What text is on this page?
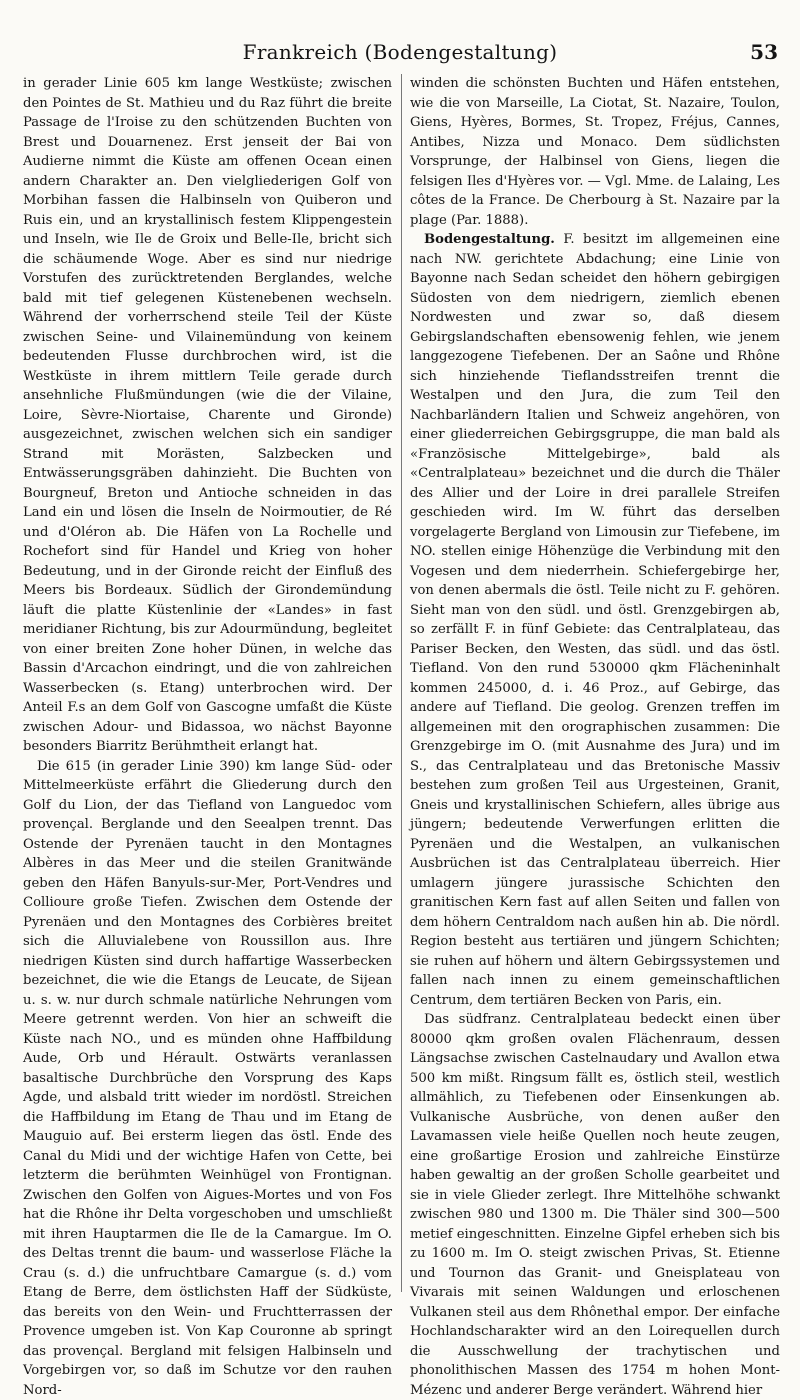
Frankreich (Bodengestaltung)	53

in gerader Linie 605 km lange Westküste; zwischen den Pointes de St. Mathieu und du Raz führt die breite Passage de l'Iroise zu den schützenden Buchten von Brest und Douarnenez. Erst jenseit der Bai von Audierne nimmt die Küste am offenen Ocean einen andern Charakter an. Den vielgliederigen Golf von Morbihan fassen die Halbinseln von Quiberon und Ruis ein, und an krystallinisch festem Klippengestein und Inseln, wie Ile de Groix und Belle-Ile, bricht sich die schäumende Woge. Aber es sind nur niedrige Vorstufen des zurücktretenden Berglandes, welche bald mit tief gelegenen Küstenebenen wechseln. Während der vorherrschend steile Teil der Küste zwischen Seine- und Vilainemündung von keinem bedeutenden Flusse durchbrochen wird, ist die Westküste in ihrem mittlern Teile gerade durch ansehnliche Flußmündungen (wie die der Vilaine, Loire, Sèvre-Niortaise, Charente und Gironde) ausgezeichnet, zwischen welchen sich ein sandiger Strand mit Morästen, Salzbecken und Entwässerungsgräben dahinzieht. Die Buchten von Bourgneuf, Breton und Antioche schneiden in das Land ein und lösen die Inseln de Noirmoutier, de Ré und d'Oléron ab. Die Häfen von La Rochelle und Rochefort sind für Handel und Krieg von hoher Bedeutung, und in der Gironde reicht der Einfluß des Meers bis Bordeaux. Südlich der Girondemündung läuft die platte Küstenlinie der «Landes» in fast meridianer Richtung, bis zur Adourmündung, begleitet von einer breiten Zone hoher Dünen, in welche das Bassin d'Arcachon eindringt, und die von zahlreichen Wasserbecken (s. Etang) unterbrochen wird. Der Anteil F.s an dem Golf von Gascogne umfaßt die Küste zwischen Adour- und Bidassoa, wo nächst Bayonne besonders Biarritz Berühmtheit erlangt hat.

Die 615 (in gerader Linie 390) km lange Süd- oder Mittelmeerküste erfährt die Gliederung durch den Golf du Lion, der das Tiefland von Languedoc vom provençal. Berglande und den Seealpen trennt. Das Ostende der Pyrenäen taucht in den Montagnes Albères in das Meer und die steilen Granitwände geben den Häfen Banyuls-sur-Mer, Port-Vendres und Collioure große Tiefen. Zwischen dem Ostende der Pyrenäen und den Montagnes des Corbières breitet sich die Alluvialebene von Roussillon aus. Ihre niedrigen Küsten sind durch haffartige Wasserbecken bezeichnet, die wie die Etangs de Leucate, de Sijean u. s. w. nur durch schmale natürliche Nehrungen vom Meere getrennt werden. Von hier an schweift die Küste nach NO., und es münden ohne Haffbildung Aude, Orb und Hérault. Ostwärts veranlassen basaltische Durchbrüche den Vorsprung des Kaps Agde, und alsbald tritt wieder im nordöstl. Streichen die Haffbildung im Etang de Thau und im Etang de Mauguio auf. Bei ersterm liegen das östl. Ende des Canal du Midi und der wichtige Hafen von Cette, bei letzterm die berühmten Weinhügel von Frontignan. Zwischen den Golfen von Aigues-Mortes und von Fos hat die Rhône ihr Delta vorgeschoben und umschließt mit ihren Hauptarmen die Ile de la Camargue. Im O. des Deltas trennt die baum- und wasserlose Fläche la Crau (s. d.) die unfruchtbare Camargue (s. d.) vom Etang de Berre, dem östlichsten Haff der Südküste, das bereits von den Wein- und Fruchtterrassen der Provence umgeben ist. Von Kap Couronne ab springt das provençal. Bergland mit felsigen Halbinseln und Vorgebirgen vor, so daß im Schutze vor den rauhen Nord-

winden die schönsten Buchten und Häfen entstehen, wie die von Marseille, La Ciotat, St. Nazaire, Toulon, Giens, Hyères, Bormes, St. Tropez, Fréjus, Cannes, Antibes, Nizza und Monaco. Dem südlichsten Vorsprunge, der Halbinsel von Giens, liegen die felsigen Iles d'Hyères vor. — Vgl. Mme. de Lalaing, Les côtes de la France. De Cherbourg à St. Nazaire par la plage (Par. 1888).

Bodengestaltung. F. besitzt im allgemeinen eine nach NW. gerichtete Abdachung; eine Linie von Bayonne nach Sedan scheidet den höhern gebirgigen Südosten von dem niedrigern, ziemlich ebenen Nordwesten und zwar so, daß diesem Gebirgslandschaften ebensowenig fehlen, wie jenem langgezogene Tiefebenen. Der an Saône und Rhône sich hinziehende Tieflandsstreifen trennt die Westalpen und den Jura, die zum Teil den Nachbarländern Italien und Schweiz angehören, von einer gliederreichen Gebirgsgruppe, die man bald als «Französische Mittelgebirge», bald als «Centralplateau» bezeichnet und die durch die Thäler des Allier und der Loire in drei parallele Streifen geschieden wird. Im W. führt das derselben vorgelagerte Bergland von Limousin zur Tiefebene, im NO. stellen einige Höhenzüge die Verbindung mit den Vogesen und dem niederrhein. Schiefergebirge her, von denen abermals die östl. Teile nicht zu F. gehören. Sieht man von den südl. und östl. Grenzgebirgen ab, so zerfällt F. in fünf Gebiete: das Centralplateau, das Pariser Becken, den Westen, das südl. und das östl. Tiefland. Von den rund 530000 qkm Flächeninhalt kommen 245000, d. i. 46 Proz., auf Gebirge, das andere auf Tiefland. Die geolog. Grenzen treffen im allgemeinen mit den orographischen zusammen: Die Grenzgebirge im O. (mit Ausnahme des Jura) und im S., das Centralplateau und das Bretonische Massiv bestehen zum großen Teil aus Urgesteinen, Granit, Gneis und krystallinischen Schiefern, alles übrige aus jüngern; bedeutende Verwerfungen erlitten die Pyrenäen und die Westalpen, an vulkanischen Ausbrüchen ist das Centralplateau überreich. Hier umlagern jüngere jurassische Schichten den granitischen Kern fast auf allen Seiten und fallen von dem höhern Centraldom nach außen hin ab. Die nördl. Region besteht aus tertiären und jüngern Schichten; sie ruhen auf höhern und ältern Gebirgssystemen und fallen nach innen zu einem gemeinschaftlichen Centrum, dem tertiären Becken von Paris, ein.

Das südfranz. Centralplateau bedeckt einen über 80000 qkm großen ovalen Flächenraum, dessen Längsachse zwischen Castelnaudary und Avallon etwa 500 km mißt. Ringsum fällt es, östlich steil, westlich allmählich, zu Tiefebenen oder Einsenkungen ab. Vulkanische Ausbrüche, von denen außer den Lavamassen viele heiße Quellen noch heute zeugen, eine großartige Erosion und zahlreiche Einstürze haben gewaltig an der großen Scholle gearbeitet und sie in viele Glieder zerlegt. Ihre Mittelhöhe schwankt zwischen 980 und 1300 m. Die Thäler sind 300—500 metief eingeschnitten. Einzelne Gipfel erheben sich bis zu 1600 m. Im O. steigt zwischen Privas, St. Etienne und Tournon das Granit- und Gneisplateau von Vivarais mit seinen Waldungen und erloschenen Vulkanen steil aus dem Rhônethal empor. Der einfache Hochlandscharakter wird an den Loirequellen durch die Ausschwellung der trachytischen und phonolithischen Massen des 1754 m hohen Mont-Mézenc und anderer Berge verändert. Während hier
